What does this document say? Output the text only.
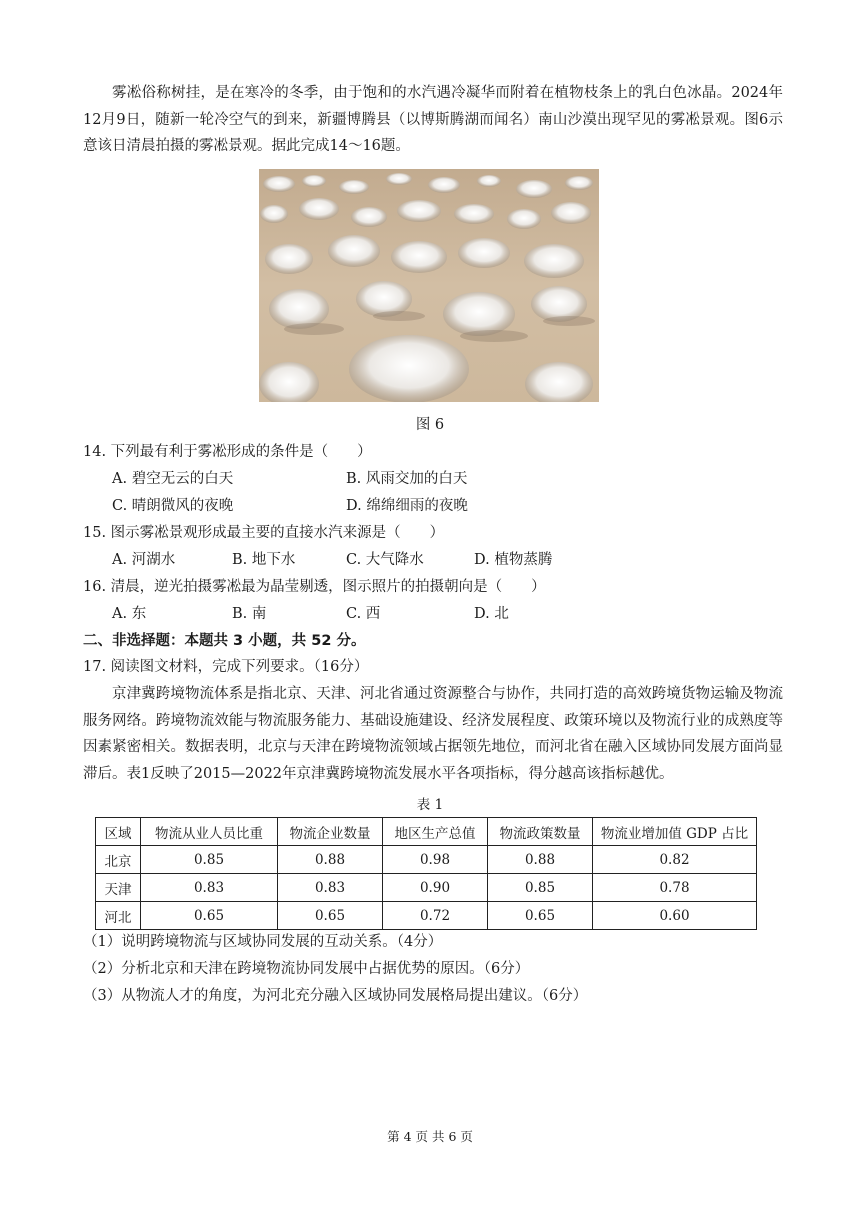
雾凇俗称树挂，是在寒冷的冬季，由于饱和的水汽遇冷凝华而附着在植物枝条上的乳白色冰晶。2024年12月9日，随新一轮冷空气的到来，新疆博腾县（以博斯腾湖而闻名）南山沙漠出现罕见的雾凇景观。图6示意该日清晨拍摄的雾凇景观。据此完成14～16题。

图 6
14. 下列最有利于雾凇形成的条件是（　　）
A. 碧空无云的白天	B. 风雨交加的白天
C. 晴朗微风的夜晚	D. 绵绵细雨的夜晚
15. 图示雾凇景观形成最主要的直接水汽来源是（　　）
A. 河湖水	B. 地下水	C. 大气降水	D. 植物蒸腾
16. 清晨，逆光拍摄雾凇最为晶莹剔透，图示照片的拍摄朝向是（　　）
A. 东	B. 南	C. 西	D. 北
二、非选择题：本题共 3 小题，共 52 分。
17. 阅读图文材料，完成下列要求。（16分）

京津冀跨境物流体系是指北京、天津、河北省通过资源整合与协作，共同打造的高效跨境货物运输及物流服务网络。跨境物流效能与物流服务能力、基础设施建设、经济发展程度、政策环境以及物流行业的成熟度等因素紧密相关。数据表明，北京与天津在跨境物流领域占据领先地位，而河北省在融入区域协同发展方面尚显滞后。表1反映了2015—2022年京津冀跨境物流发展水平各项指标，得分越高该指标越优。

表 1
区域	物流从业人员比重	物流企业数量	地区生产总值	物流政策数量	物流业增加值 GDP 占比
北京	0.85	0.88	0.98	0.88	0.82
天津	0.83	0.83	0.90	0.85	0.78
河北	0.65	0.65	0.72	0.65	0.60
（1）说明跨境物流与区域协同发展的互动关系。（4分）
（2）分析北京和天津在跨境物流协同发展中占据优势的原因。（6分）
（3）从物流人才的角度，为河北充分融入区域协同发展格局提出建议。（6分）
第 4 页 共 6 页
